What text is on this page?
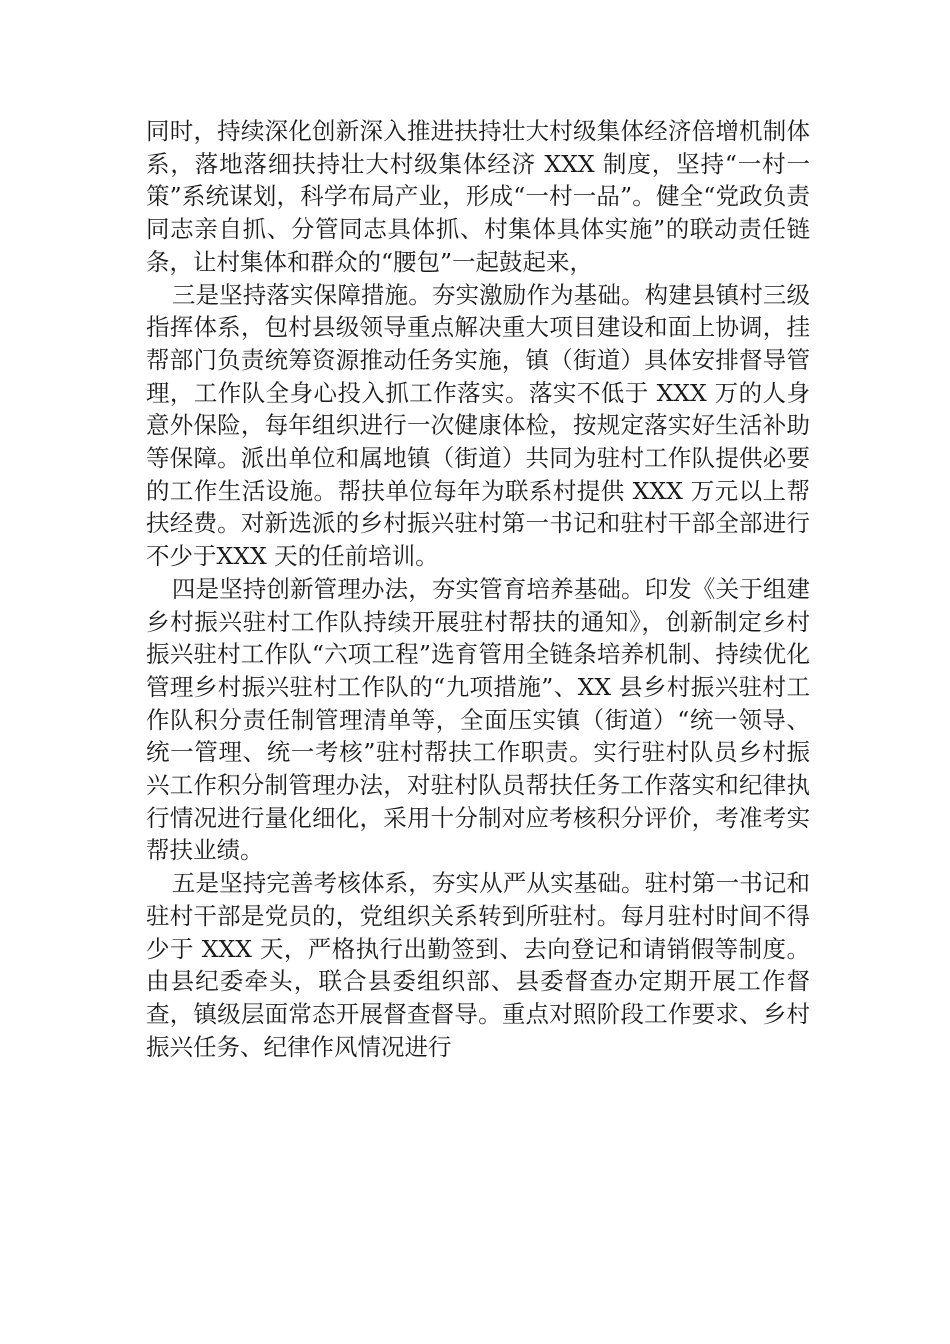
同时，持续深化创新深入推进扶持壮大村级集体经济倍增机制体系，落地落细扶持壮大村级集体经济 XXX 制度，坚持“一村一策”系统谋划，科学布局产业，形成“一村一品”。健全“党政负责同志亲自抓、分管同志具体抓、村集体具体实施”的联动责任链条，让村集体和群众的“腰包”一起鼓起来，

三是坚持落实保障措施。夯实激励作为基础。构建县镇村三级指挥体系，包村县级领导重点解决重大项目建设和面上协调，挂帮部门负责统筹资源推动任务实施，镇（街道）具体安排督导管理，工作队全身心投入抓工作落实。落实不低于 XXX 万的人身意外保险，每年组织进行一次健康体检，按规定落实好生活补助等保障。派出单位和属地镇（街道）共同为驻村工作队提供必要的工作生活设施。帮扶单位每年为联系村提供 XXX 万元以上帮扶经费。对新选派的乡村振兴驻村第一书记和驻村干部全部进行不少于XXX 天的任前培训。

四是坚持创新管理办法，夯实管育培养基础。印发《关于组建乡村振兴驻村工作队持续开展驻村帮扶的通知》，创新制定乡村振兴驻村工作队“六项工程”选育管用全链条培养机制、持续优化管理乡村振兴驻村工作队的“九项措施”、XX 县乡村振兴驻村工作队积分责任制管理清单等，全面压实镇（街道）“统一领导、统一管理、统一考核”驻村帮扶工作职责。实行驻村队员乡村振兴工作积分制管理办法，对驻村队员帮扶任务工作落实和纪律执行情况进行量化细化，采用十分制对应考核积分评价，考准考实帮扶业绩。

五是坚持完善考核体系，夯实从严从实基础。驻村第一书记和驻村干部是党员的，党组织关系转到所驻村。每月驻村时间不得少于 XXX 天，严格执行出勤签到、去向登记和请销假等制度。由县纪委牵头，联合县委组织部、县委督查办定期开展工作督查，镇级层面常态开展督查督导。重点对照阶段工作要求、乡村振兴任务、纪律作风情况进行
